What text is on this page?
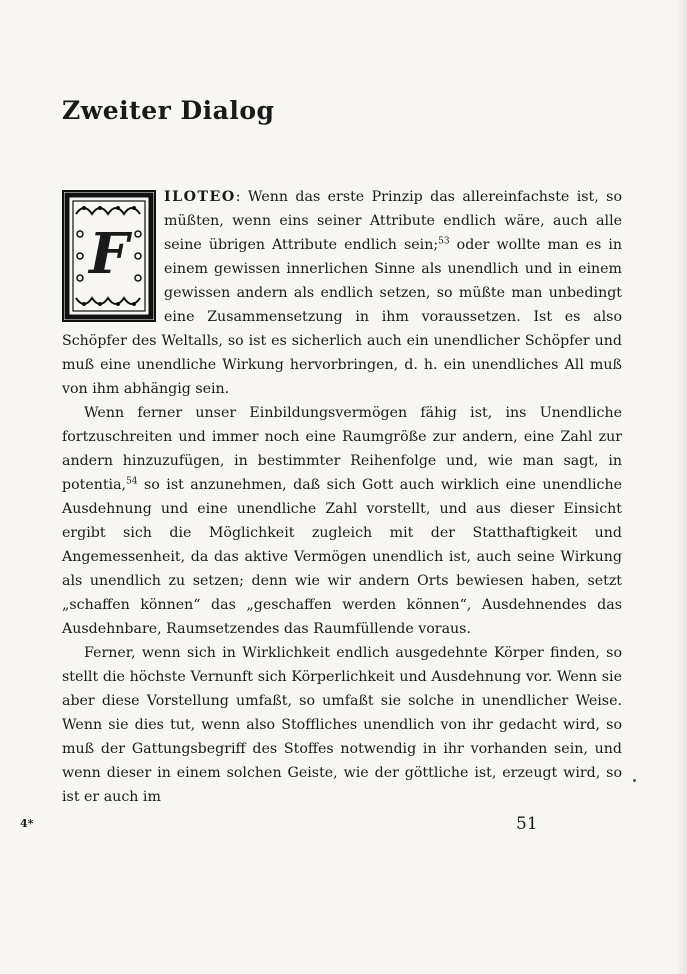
Zweiter Dialog
F

ILOTEO: Wenn das erste Prinzip das allereinfachste ist, so müßten, wenn eins seiner Attribute endlich wäre, auch alle seine übrigen Attribute endlich sein;$^{53}$ oder wollte man es in einem gewissen innerlichen Sinne als unendlich und in einem gewissen andern als endlich setzen, so müßte man unbedingt eine Zusammensetzung in ihm voraussetzen. Ist es also Schöpfer des Weltalls, so ist es sicherlich auch ein unendlicher Schöpfer und muß eine unendliche Wirkung hervorbringen, d. h. ein unendliches All muß von ihm abhängig sein.

Wenn ferner unser Einbildungsvermögen fähig ist, ins Unendliche fortzuschreiten und immer noch eine Raumgröße zur andern, eine Zahl zur andern hinzuzufügen, in bestimmter Reihenfolge und, wie man sagt, in potentia,$^{54}$ so ist anzunehmen, daß sich Gott auch wirklich eine unendliche Ausdehnung und eine unendliche Zahl vorstellt, und aus dieser Einsicht ergibt sich die Möglichkeit zugleich mit der Statthaftigkeit und Angemessenheit, da das aktive Vermögen unendlich ist, auch seine Wirkung als unendlich zu setzen; denn wie wir andern Orts bewiesen haben, setzt „schaffen können“ das „geschaffen werden können“, Ausdehnendes das Ausdehnbare, Raumsetzendes das Raumfüllende voraus.

Ferner, wenn sich in Wirklichkeit endlich ausgedehnte Körper finden, so stellt die höchste Vernunft sich Körperlichkeit und Ausdehnung vor. Wenn sie aber diese Vorstellung umfaßt, so umfaßt sie solche in unendlicher Weise. Wenn sie dies tut, wenn also Stoffliches unendlich von ihr gedacht wird, so muß der Gattungsbegriff des Stoffes notwendig in ihr vorhanden sein, und wenn dieser in einem solchen Geiste, wie der göttliche ist, erzeugt wird, so ist er auch im

4*	51
